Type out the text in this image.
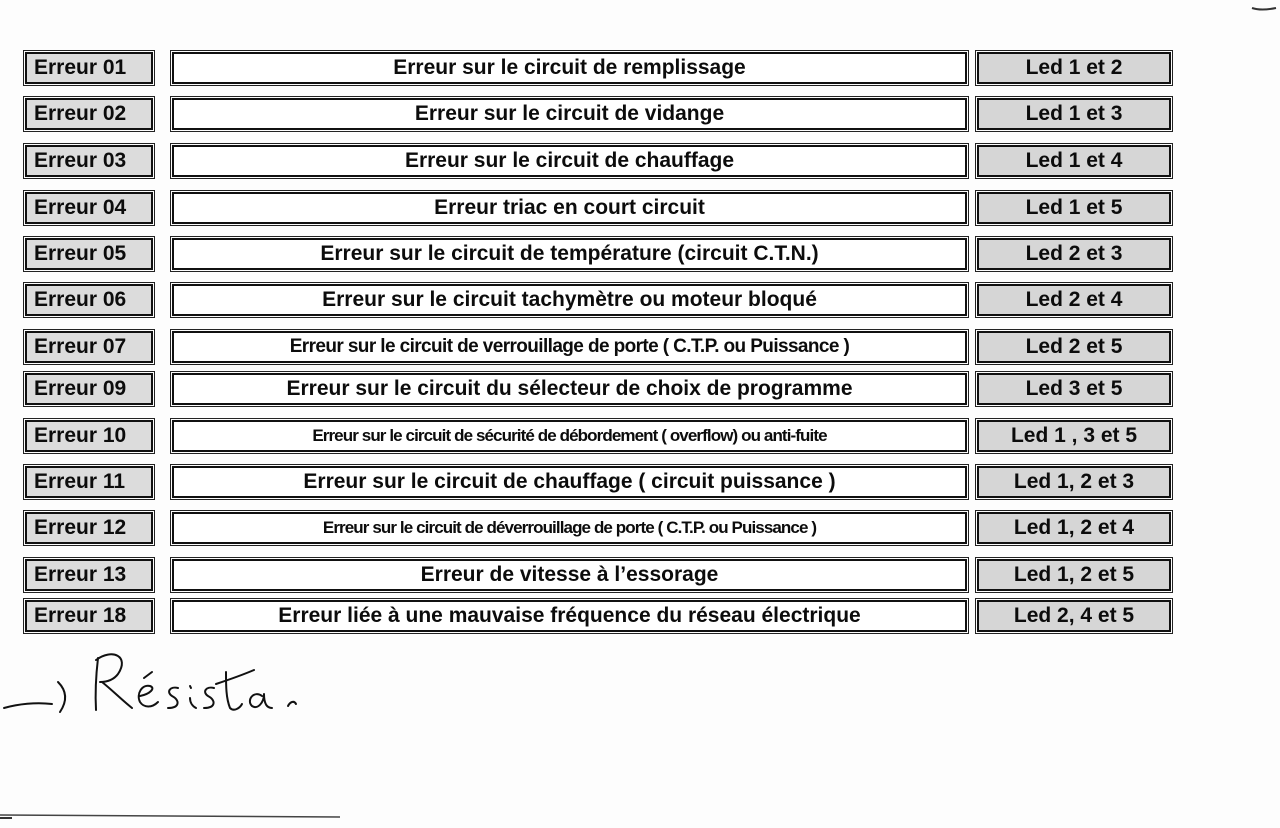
Erreur 01	Erreur sur le circuit de remplissage	Led 1 et 2
Erreur 02	Erreur sur le circuit de vidange	Led 1 et 3
Erreur 03	Erreur sur le circuit de chauffage	Led 1 et 4
Erreur 04	Erreur triac en court circuit	Led 1 et 5
Erreur 05	Erreur sur le circuit de température (circuit C.T.N.)	Led 2 et 3
Erreur 06	Erreur sur le circuit tachymètre ou moteur bloqué	Led 2 et 4
Erreur 07	Erreur sur le circuit de verrouillage de porte ( C.T.P. ou Puissance )	Led 2 et 5
Erreur 09	Erreur sur le circuit du sélecteur de choix de programme	Led 3 et 5
Erreur 10	Erreur sur le circuit de sécurité de débordement ( overflow) ou anti-fuite	Led 1 , 3 et 5
Erreur 11	Erreur sur le circuit de chauffage ( circuit puissance )	Led 1, 2 et 3
Erreur 12	Erreur sur le circuit de déverrouillage de porte ( C.T.P. ou Puissance )	Led 1, 2 et 4
Erreur 13	Erreur de vitesse à l’essorage	Led 1, 2 et 5
Erreur 18	Erreur liée à une mauvaise fréquence du réseau électrique	Led 2, 4 et 5
